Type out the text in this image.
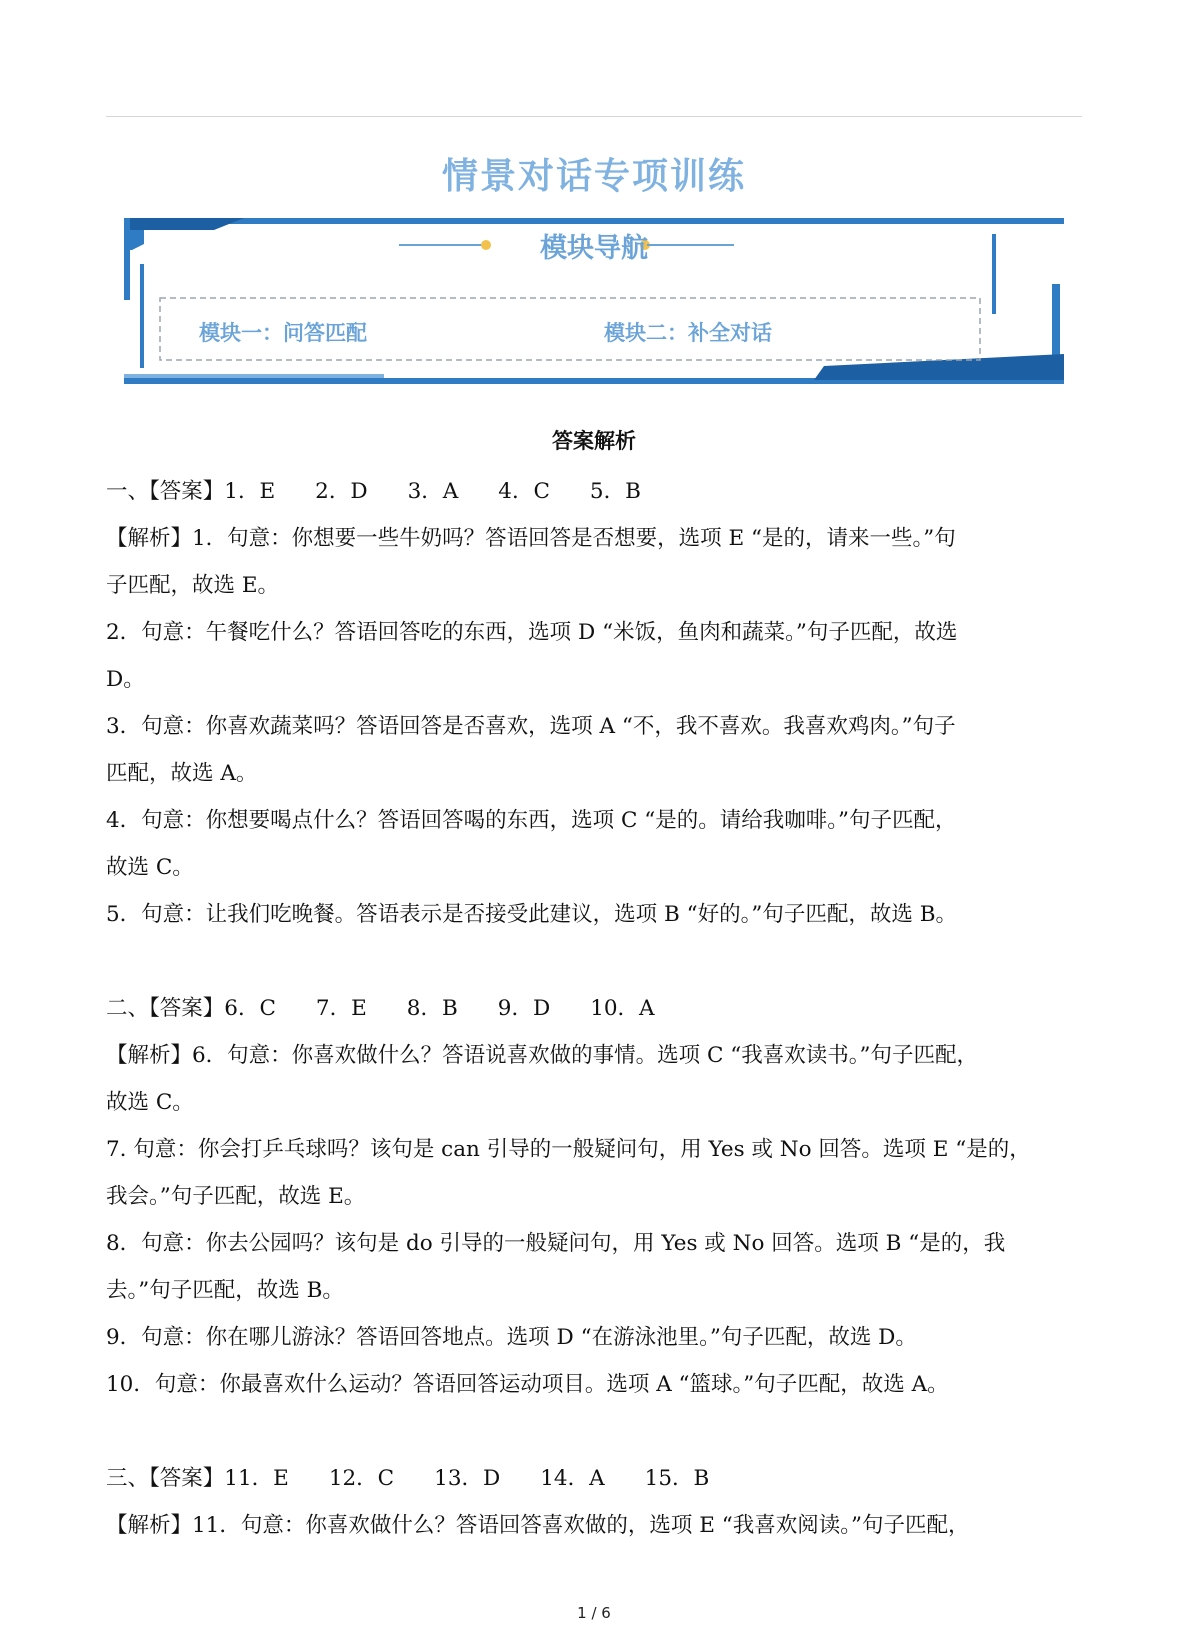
情景对话专项训练
模块导航
模块一：问答匹配	模块二：补全对话
答案解析

一、【答案】1．E 2．D 3．A 4．C 5．B

【解析】1．句意：你想要一些牛奶吗？答语回答是否想要，选项 E “是的，请来一些。”句

子匹配，故选 E。

2．句意：午餐吃什么？答语回答吃的东西，选项 D “米饭，鱼肉和蔬菜。”句子匹配，故选

D。

3．句意：你喜欢蔬菜吗？答语回答是否喜欢，选项 A “不，我不喜欢。我喜欢鸡肉。”句子

匹配，故选 A。

4．句意：你想要喝点什么？答语回答喝的东西，选项 C “是的。请给我咖啡。”句子匹配，

故选 C。

5．句意：让我们吃晚餐。答语表示是否接受此建议，选项 B “好的。”句子匹配，故选 B。

二、【答案】6．C 7．E 8．B 9．D 10．A

【解析】6．句意：你喜欢做什么？答语说喜欢做的事情。选项 C “我喜欢读书。”句子匹配，

故选 C。

7. 句意：你会打乒乓球吗？该句是 can 引导的一般疑问句，用 Yes 或 No 回答。选项 E “是的，

我会。”句子匹配，故选 E。

8．句意：你去公园吗？该句是 do 引导的一般疑问句，用 Yes 或 No 回答。选项 B “是的，我

去。”句子匹配，故选 B。

9．句意：你在哪儿游泳？答语回答地点。选项 D “在游泳池里。”句子匹配，故选 D。

10．句意：你最喜欢什么运动？答语回答运动项目。选项 A “篮球。”句子匹配，故选 A。

三、【答案】11．E 12．C 13．D 14．A 15．B

【解析】11．句意：你喜欢做什么？答语回答喜欢做的，选项 E “我喜欢阅读。”句子匹配，

1 / 6
